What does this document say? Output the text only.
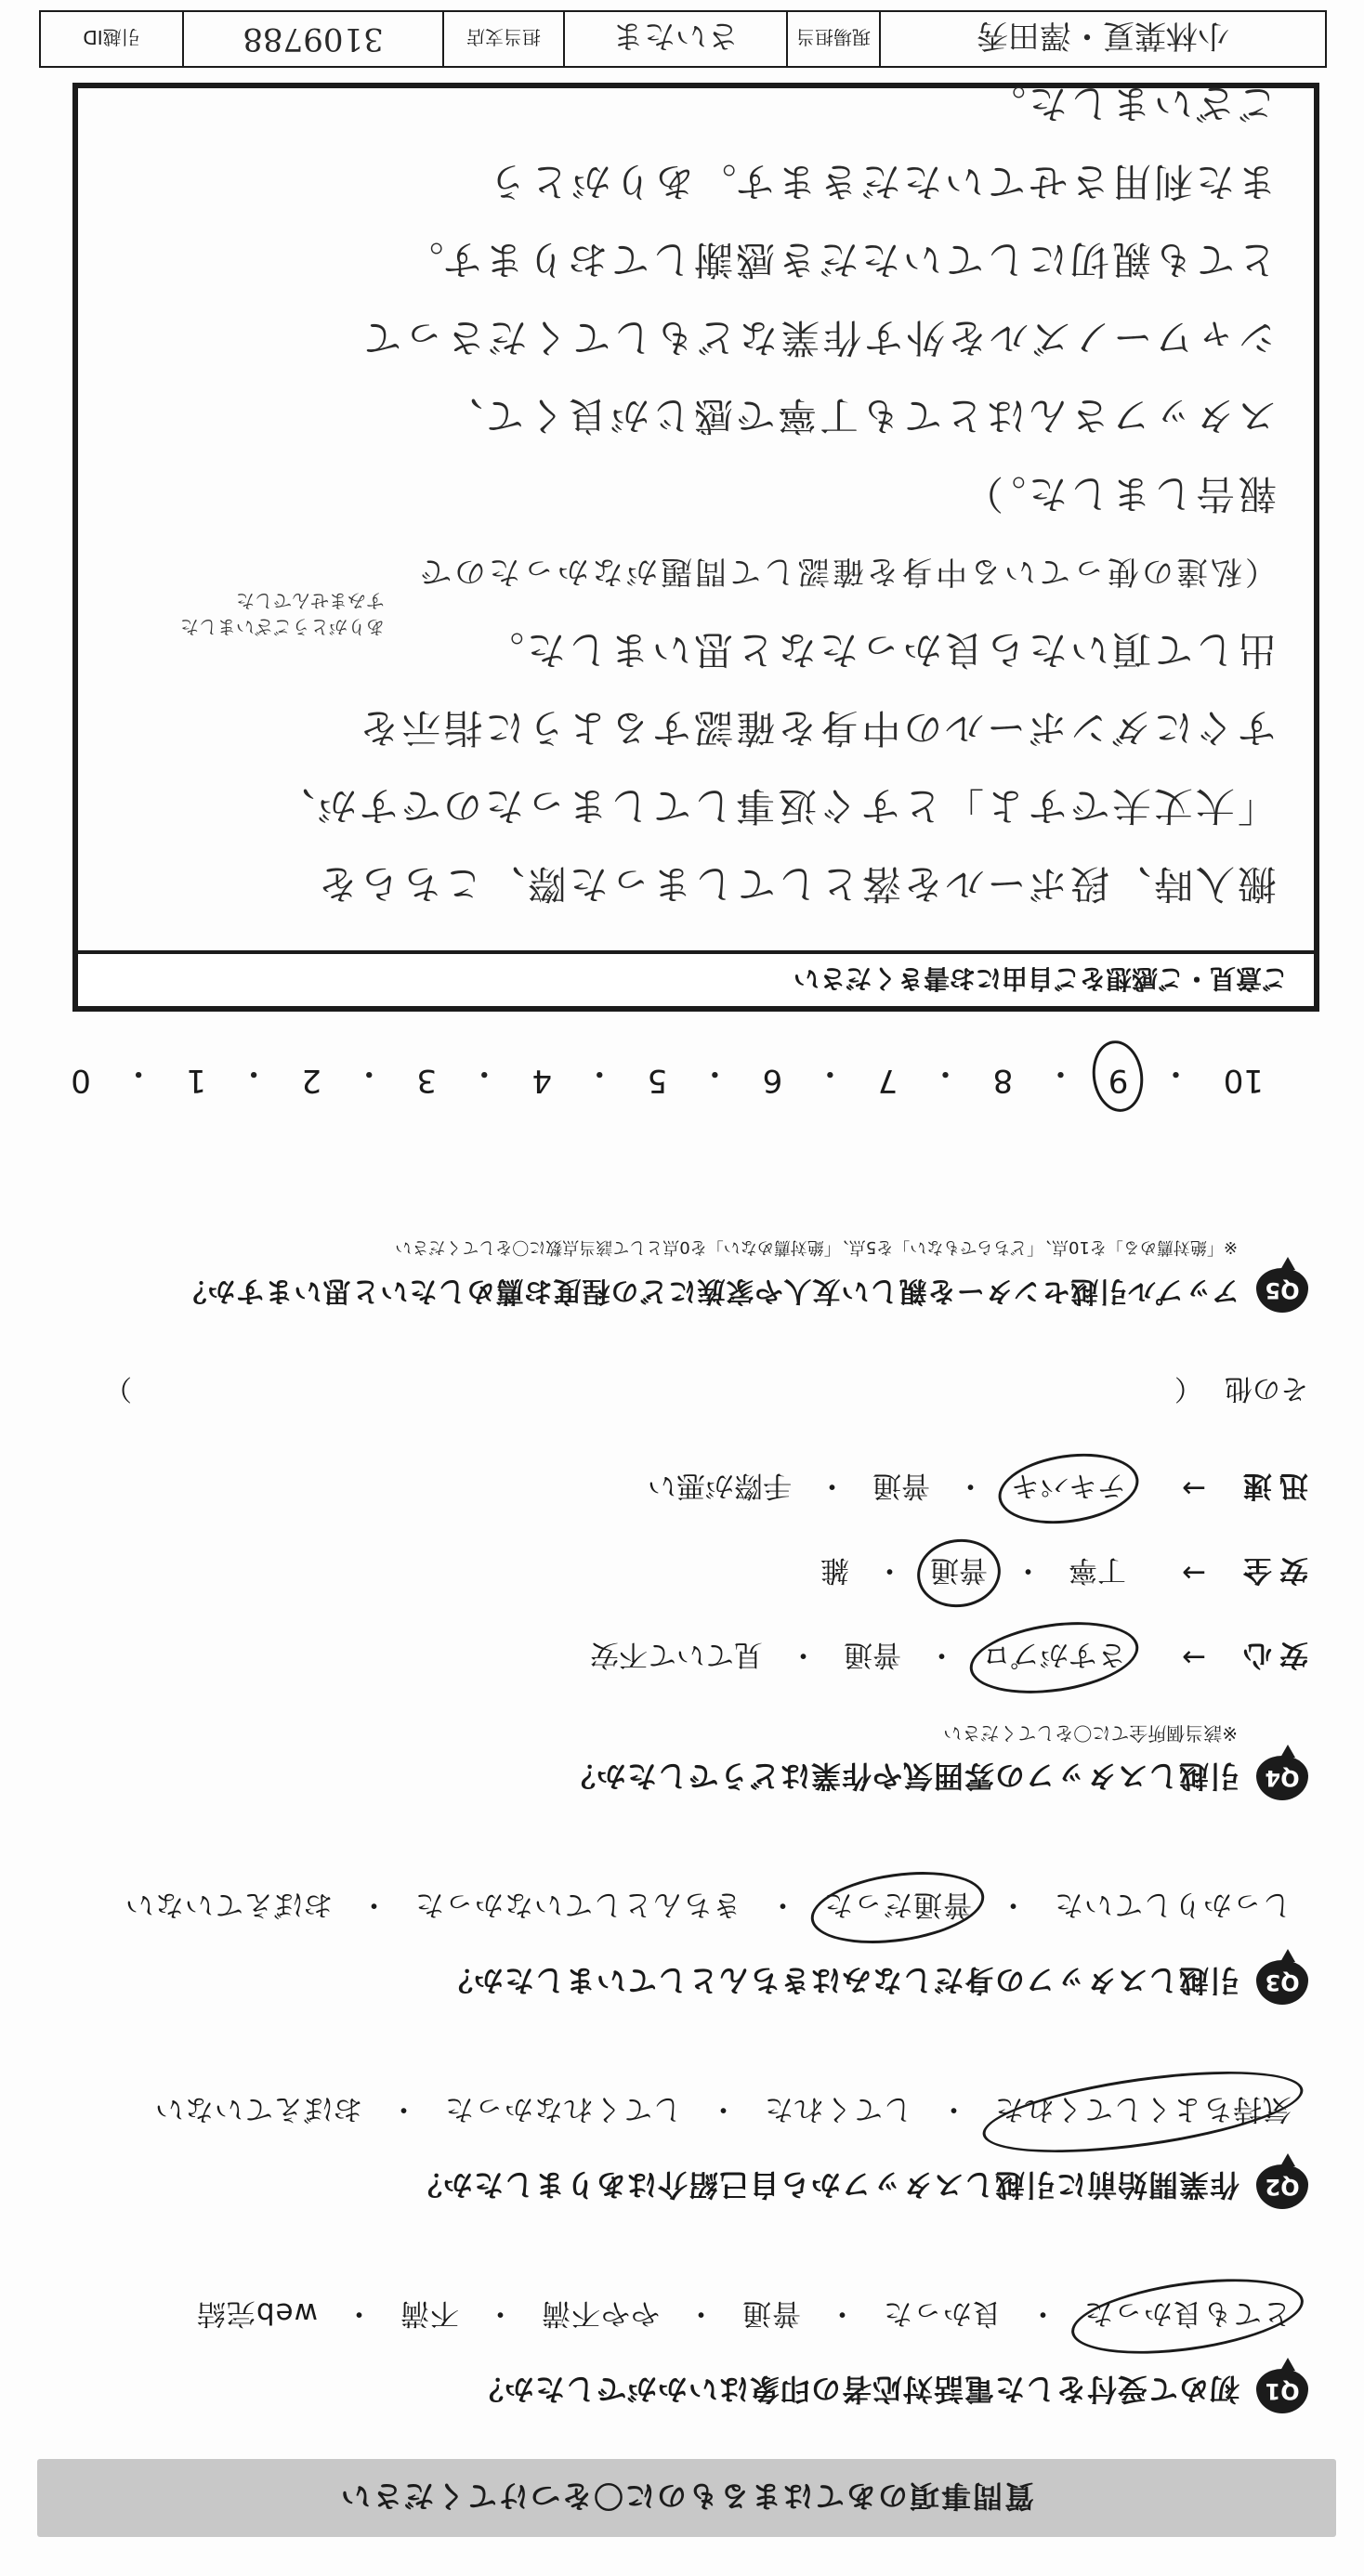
質問事項のあてはまるものに〇をつけてください
Q1
初めて受付をした電話対応者の印象はいかがでしたか？
とても良かった
・
良かった
・
普通
・
やや不満
・
不満
・
web完結
Q2
作業開始前に引越しスタッフから自己紹介はありましたか？
気持ちよくしてくれた
・
してくれた
・
してくれなかった
・
おぼえていない
Q3
引越しスタッフの身だしなみはきちんとしていましたか？
しっかりしていた
・
普通だった
・
きちんとしていなかった
・
おぼえていない
Q4
引越しスタッフの雰囲気や作業はどうでしたか？
※該当個所全てに〇をしてください
安心
→
さすがプロ
・
普通
・
見ていて不安
安全
→
丁寧
・
普通
・
雑
迅速
→
テキパキ
・
普通
・
手際が悪い
その他
（　　　　　　　　　　　　　　　　　　　　　　　　　　　　　　　　　　　）
Q5
アップル引越センターを親しい友人や家族にどの程度お薦めしたいと思いますか？
※「絶対薦める」を10点、「どちらでもない」を5点、「絶対薦めない」を0点として該当点数に〇をしてください
10
・
9
・
8
・
7
・
6
・
5
・
4
・
3
・
2
・
1
・
0
ご意見・ご感想をご自由にお書きください
搬入時、段ボールを落としてしまった際、こちらを
「大丈夫ですよ」とすぐ返事してしまったのですが、
すぐにダンボールの中身を確認するように指示を
出して頂いたら良かったなと思いました。
（私達の使っている中身を確認して問題がなかったので
報告しました。）
スタッフさんはとても丁寧で感じが良くて、
シャワーノズルを外す作業などもしてくださって
とても親切にしていただき感謝しております。
また利用させていただきます。ありがとう
ございました。
ありがとうございました
すみませんでした
小林葉夏・澤田秀
現場担当
さいたま
担当支店
3109788
引越ID
